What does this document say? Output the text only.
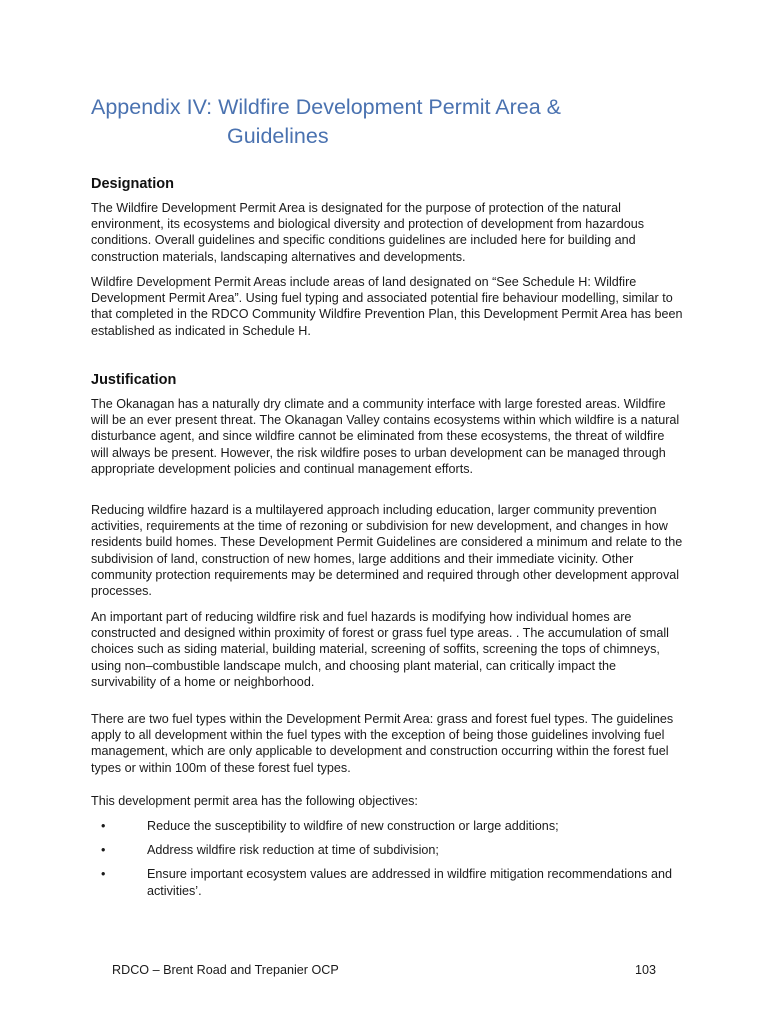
Appendix IV: Wildfire Development Permit Area &
Guidelines
Designation

The Wildfire Development Permit Area is designated for the purpose of protection of the natural environment, its ecosystems and biological diversity and protection of development from hazardous conditions. Overall guidelines and specific conditions guidelines are included here for building and construction materials, landscaping alternatives and developments.

Wildfire Development Permit Areas include areas of land designated on “See Schedule H: Wildfire Development Permit Area”. Using fuel typing and associated potential fire behaviour modelling, similar to that completed in the RDCO Community Wildfire Prevention Plan, this Development Permit Area has been established as indicated in Schedule H.

Justification

The Okanagan has a naturally dry climate and a community interface with large forested areas. Wildfire will be an ever present threat. The Okanagan Valley contains ecosystems within which wildfire is a natural disturbance agent, and since wildfire cannot be eliminated from these ecosystems, the threat of wildfire will always be present. However, the risk wildfire poses to urban development can be managed through appropriate development policies and continual management efforts.

Reducing wildfire hazard is a multilayered approach including education, larger community prevention activities, requirements at the time of rezoning or subdivision for new development, and changes in how residents build homes. These Development Permit Guidelines are considered a minimum and relate to the subdivision of land, construction of new homes, large additions and their immediate vicinity. Other community protection requirements may be determined and required through other development approval processes.

An important part of reducing wildfire risk and fuel hazards is modifying how individual homes are constructed and designed within proximity of forest or grass fuel type areas. . The accumulation of small choices such as siding material, building material, screening of soffits, screening the tops of chimneys, using non–combustible landscape mulch, and choosing plant material, can critically impact the survivability of a home or neighborhood.

There are two fuel types within the Development Permit Area: grass and forest fuel types. The guidelines apply to all development within the fuel types with the exception of being those guidelines involving fuel management, which are only applicable to development and construction occurring within the forest fuel types or within 100m of these forest fuel types.

This development permit area has the following objectives:

•	Reduce the susceptibility to wildfire of new construction or large additions;
•	Address wildfire risk reduction at time of subdivision;
•	Ensure important ecosystem values are addressed in wildfire mitigation recommendations and activities’.
RDCO – Brent Road and Trepanier OCP	103
